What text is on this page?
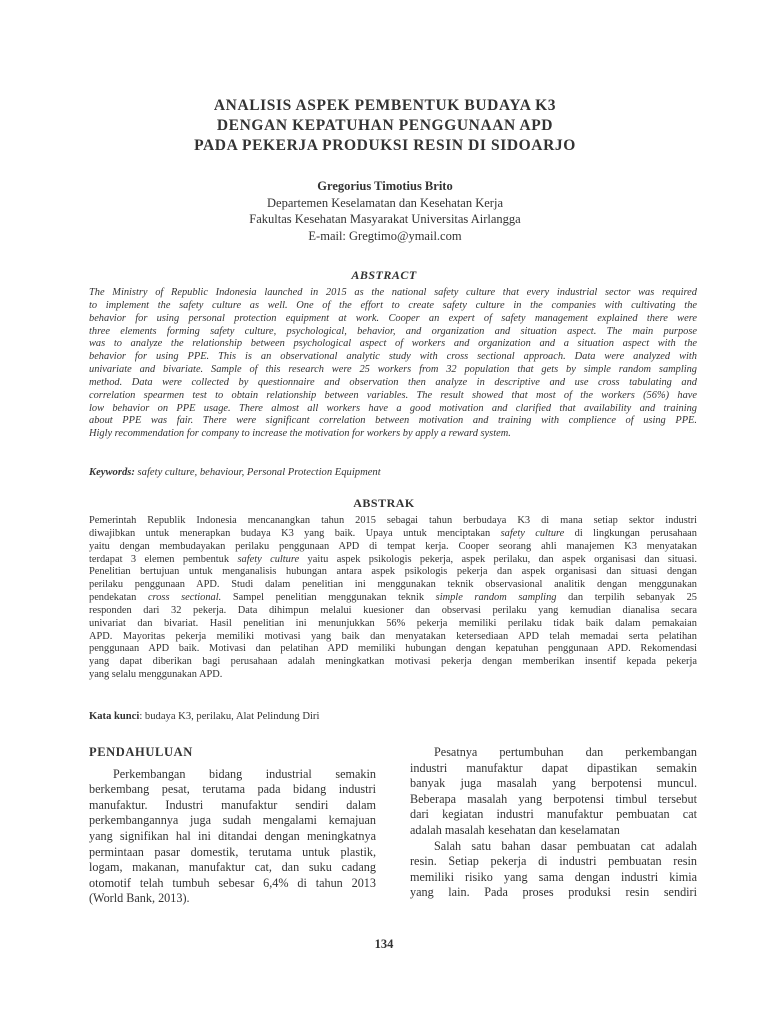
ANALISIS ASPEK PEMBENTUK BUDAYA K3
DENGAN KEPATUHAN PENGGUNAAN APD
PADA PEKERJA PRODUKSI RESIN DI SIDOARJO
Gregorius Timotius Brito
Departemen Keselamatan dan Kesehatan Kerja
Fakultas Kesehatan Masyarakat Universitas Airlangga
E-mail: Gregtimo@ymail.com
ABSTRACT
The Ministry of Republic Indonesia launched in 2015 as the national safety culture that every industrial sector was required
to implement the safety culture as well. One of the effort to create safety culture in the companies with cultivating the
behavior for using personal protection equipment at work. Cooper an expert of safety management explained there were
three elements forming safety culture, psychological, behavior, and organization and situation aspect. The main purpose
was to analyze the relationship between psychological aspect of workers and organization and a situation aspect with the
behavior for using PPE. This is an observational analytic study with cross sectional approach. Data were analyzed with
univariate and bivariate. Sample of this research were 25 workers from 32 population that gets by simple random sampling
method. Data were collected by questionnaire and observation then analyze in descriptive and use cross tabulating and
correlation spearmen test to obtain relationship between variables. The result showed that most of the workers (56%) have
low behavior on PPE usage. There almost all workers have a good motivation and clarified that availability and training
about PPE was fair. There were significant correlation between motivation and training with complience of using PPE.
Higly recommendation for company to increase the motivation for workers by apply a reward system.
Keywords: safety culture, behaviour, Personal Protection Equipment
ABSTRAK
Pemerintah Republik Indonesia mencanangkan tahun 2015 sebagai tahun berbudaya K3 di mana setiap sektor industri
diwajibkan untuk menerapkan budaya K3 yang baik. Upaya untuk menciptakan safety culture di lingkungan perusahaan
yaitu dengan membudayakan perilaku penggunaan APD di tempat kerja. Cooper seorang ahli manajemen K3 menyatakan
terdapat 3 elemen pembentuk safety culture yaitu aspek psikologis pekerja, aspek perilaku, dan aspek organisasi dan situasi.
Penelitian bertujuan untuk menganalisis hubungan antara aspek psikologis pekerja dan aspek organisasi dan situasi dengan
perilaku penggunaan APD. Studi dalam penelitian ini menggunakan teknik observasional analitik dengan menggunakan
pendekatan cross sectional. Sampel penelitian menggunakan teknik simple random sampling dan terpilih sebanyak 25
responden dari 32 pekerja. Data dihimpun melalui kuesioner dan observasi perilaku yang kemudian dianalisa secara
univariat dan bivariat. Hasil penelitian ini menunjukkan 56% pekerja memiliki perilaku tidak baik dalam pemakaian
APD. Mayoritas pekerja memiliki motivasi yang baik dan menyatakan ketersediaan APD telah memadai serta pelatihan
penggunaan APD baik. Motivasi dan pelatihan APD memiliki hubungan dengan kepatuhan penggunaan APD. Rekomendasi
yang dapat diberikan bagi perusahaan adalah meningkatkan motivasi pekerja dengan memberikan insentif kepada pekerja
yang selalu menggunakan APD.
Kata kunci: budaya K3, perilaku, Alat Pelindung Diri
PENDAHULUAN
Perkembangan bidang industrial semakin
berkembang pesat, terutama pada bidang industri
manufaktur. Industri manufaktur sendiri dalam
perkembangannya juga sudah mengalami kemajuan
yang signifikan hal ini ditandai dengan meningkatnya
permintaan pasar domestik, terutama untuk plastik,
logam, makanan, manufaktur cat, dan suku cadang
otomotif telah tumbuh sebesar 6,4% di tahun 2013
(World Bank, 2013).
Pesatnya pertumbuhan dan perkembangan
industri manufaktur dapat dipastikan semakin
banyak juga masalah yang berpotensi muncul.
Beberapa masalah yang berpotensi timbul tersebut
dari kegiatan industri manufaktur pembuatan cat
adalah masalah kesehatan dan keselamatan
Salah satu bahan dasar pembuatan cat adalah
resin. Setiap pekerja di industri pembuatan resin
memiliki risiko yang sama dengan industri kimia
yang lain. Pada proses produksi resin sendiri
134
